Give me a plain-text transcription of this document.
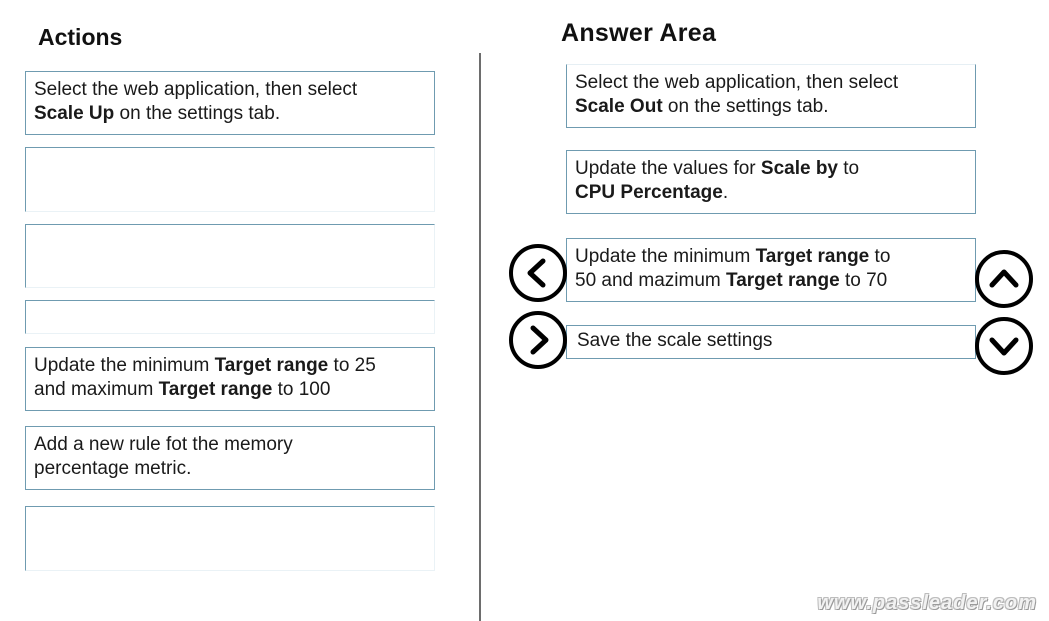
Actions	Answer Area
Select the web application, then select
Scale Up on the settings tab.
Update the minimum Target range to 25
and maximum Target range to 100
Add a new rule fot the memory
percentage metric.
Select the web application, then select
Scale Out on the settings tab.
Update the values for Scale by to
CPU Percentage.
Update the minimum Target range to
50 and mazimum Target range to 70
Save the scale settings
www.passleader.com
